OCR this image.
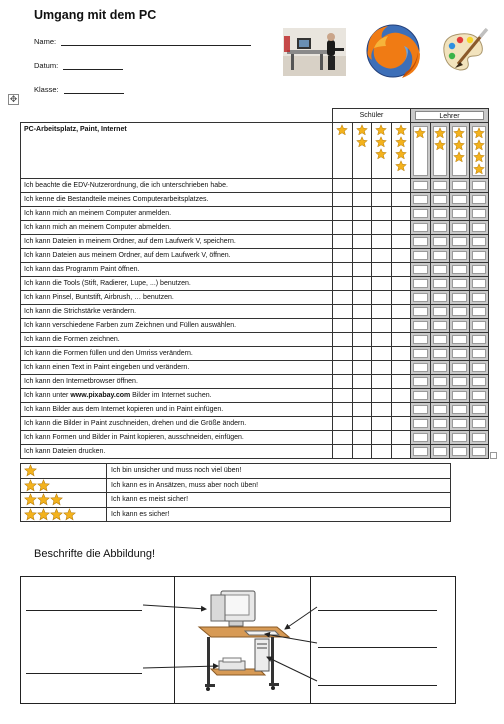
Umgang mit dem PC
Name:
Datum:
Klasse:
✥
	Schüler				Lehrer			

PC-Arbeitsplatz, Paint, Internet	

Ich beachte die EDV-Nutzerordnung, die ich unterschrieben habe.					

Ich kenne die Bestandteile meines Computerarbeitsplatzes.					

Ich kann mich an meinem Computer anmelden.					

Ich kann mich an meinem Computer abmelden.					

Ich kann Dateien in meinem Ordner, auf dem Laufwerk V, speichern.					

Ich kann Dateien aus meinem Ordner, auf dem Laufwerk V, öffnen.					

Ich kann das Programm Paint öffnen.					

Ich kann die Tools (Stift, Radierer, Lupe, ...) benutzen.					

Ich kann Pinsel, Buntstift, Airbrush, … benutzen.					

Ich kann die Strichstärke verändern.					

Ich kann verschiedene Farben zum Zeichnen und Füllen auswählen.					

Ich kann die Formen zeichnen.					

Ich kann die Formen füllen und den Umriss verändern.					

Ich kann einen Text in Paint eingeben und verändern.					

Ich kann den Internetbrowser öffnen.					

Ich kann unter www.pixabay.com Bilder im Internet suchen.					

Ich kann Bilder aus dem Internet kopieren und in Paint einfügen.					

Ich kann die Bilder in Paint zuschneiden, drehen und die Größe ändern.					

Ich kann Formen und Bilder in Paint kopieren, ausschneiden, einfügen.					

Ich kann Dateien drucken.					

	Ich bin unsicher und muss noch viel üben!
	Ich kann es in Ansätzen, muss aber noch üben!
	Ich kann es meist sicher!
	Ich kann es sicher!
Beschrifte die Abbildung!
